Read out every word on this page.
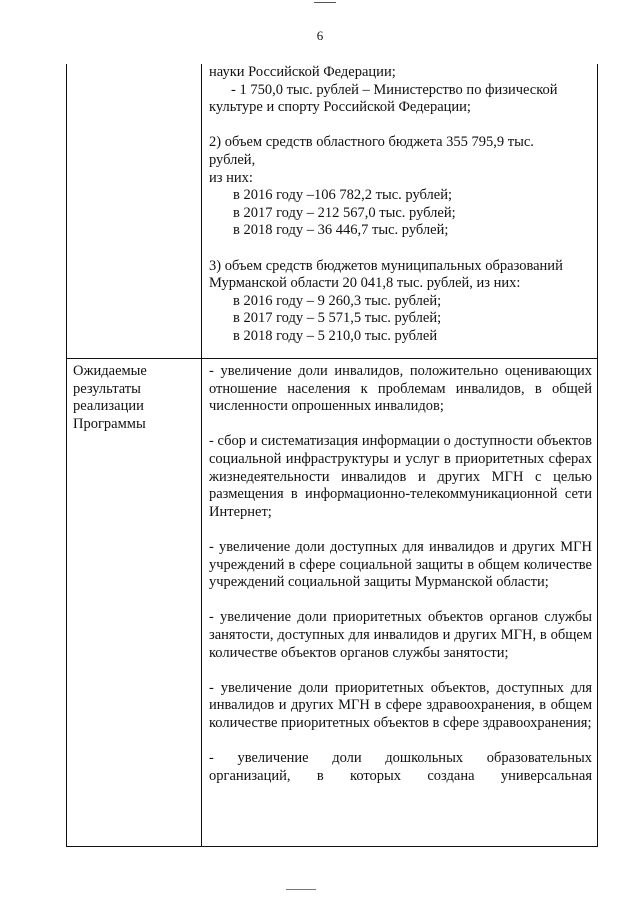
6
науки Российской Федерации;
- 1 750,0 тыс. рублей – Министерство по физической
культуре и спорту Российской Федерации;
2) объем средств областного бюджета 355 795,9 тыс.
рублей,
из них:
в 2016 году –106 782,2 тыс. рублей;
в 2017 году – 212 567,0 тыс. рублей;
в 2018 году – 36 446,7 тыс. рублей;
3) объем средств бюджетов муниципальных образований
Мурманской области 20 041,8 тыс. рублей, из них:
в 2016 году – 9 260,3 тыс. рублей;
в 2017 году – 5 571,5 тыс. рублей;
в 2018 году – 5 210,0 тыс. рублей
Ожидаемые
результаты
реализации
Программы
- увеличение доли инвалидов, положительно оценивающих отношение населения к проблемам инвалидов, в общей численности опрошенных инвалидов;
- сбор и систематизация информации о доступности объектов социальной инфраструктуры и услуг в приоритетных сферах жизнедеятельности инвалидов и других МГН с целью размещения в информационно-телекоммуникационной сети Интернет;
- увеличение доли доступных для инвалидов и других МГН учреждений в сфере социальной защиты в общем количестве учреждений социальной защиты Мурманской области;
- увеличение доли приоритетных объектов органов службы занятости, доступных для инвалидов и других МГН, в общем количестве объектов органов службы занятости;
- увеличение доли приоритетных объектов, доступных для инвалидов и других МГН в сфере здравоохранения, в общем количестве приоритетных объектов в сфере здравоохранения;
- увеличение доли дошкольных образовательных организаций, в которых создана универсальная
